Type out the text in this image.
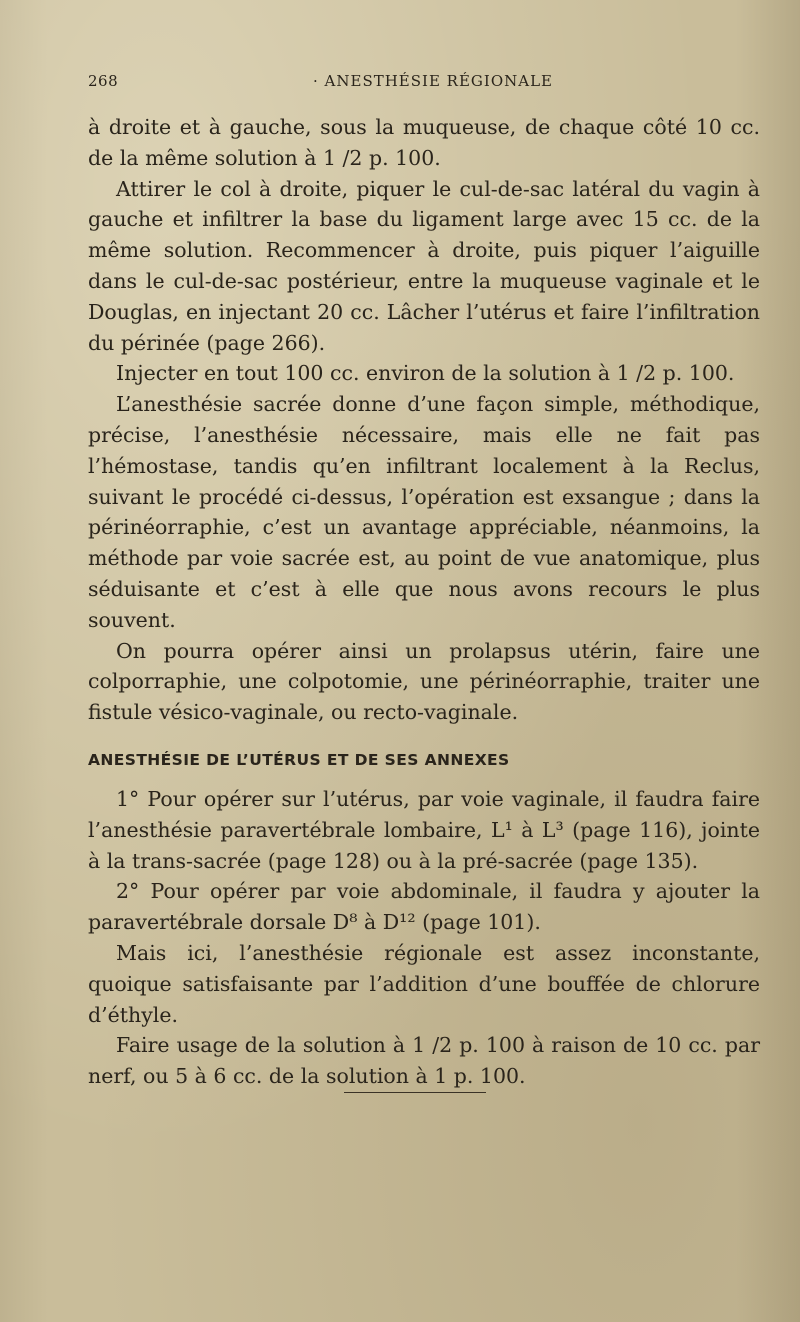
268	· ANESTHÉSIE RÉGIONALE

à droite et à gauche, sous la muqueuse, de chaque côté 10 cc. de la même solution à 1 /2 p. 100.

Attirer le col à droite, piquer le cul-de-sac latéral du vagin à gauche et infiltrer la base du ligament large avec 15 cc. de la même solution. Recommencer à droite, puis piquer l’aiguille dans le cul-de-sac postérieur, entre la muqueuse vaginale et le Douglas, en injectant 20 cc. Lâcher l’utérus et faire l’infiltration du périnée (page 266).

Injecter en tout 100 cc. environ de la solution à 1 /2 p. 100.

L’anesthésie sacrée donne d’une façon simple, méthodique, précise, l’anesthésie nécessaire, mais elle ne fait pas l’hémostase, tandis qu’en infiltrant localement à la Reclus, suivant le procédé ci-dessus, l’opération est exsangue ; dans la périnéorraphie, c’est un avantage appréciable, néanmoins, la méthode par voie sacrée est, au point de vue anatomique, plus séduisante et c’est à elle que nous avons recours le plus souvent.

On pourra opérer ainsi un prolapsus utérin, faire une colporraphie, une colpotomie, une périnéorraphie, traiter une fistule vésico-vaginale, ou recto-vaginale.

ANESTHÉSIE DE L’UTÉRUS ET DE SES ANNEXES

1° Pour opérer sur l’utérus, par voie vaginale, il faudra faire l’anesthésie paravertébrale lombaire, L¹ à L³ (page 116), jointe à la trans-sacrée (page 128) ou à la pré-sacrée (page 135).

2° Pour opérer par voie abdominale, il faudra y ajouter la paravertébrale dorsale D⁸ à D¹² (page 101).

Mais ici, l’anesthésie régionale est assez inconstante, quoique satisfaisante par l’addition d’une bouffée de chlorure d’éthyle.

Faire usage de la solution à 1 /2 p. 100 à raison de 10 cc. par nerf, ou 5 à 6 cc. de la solution à 1 p. 100.
